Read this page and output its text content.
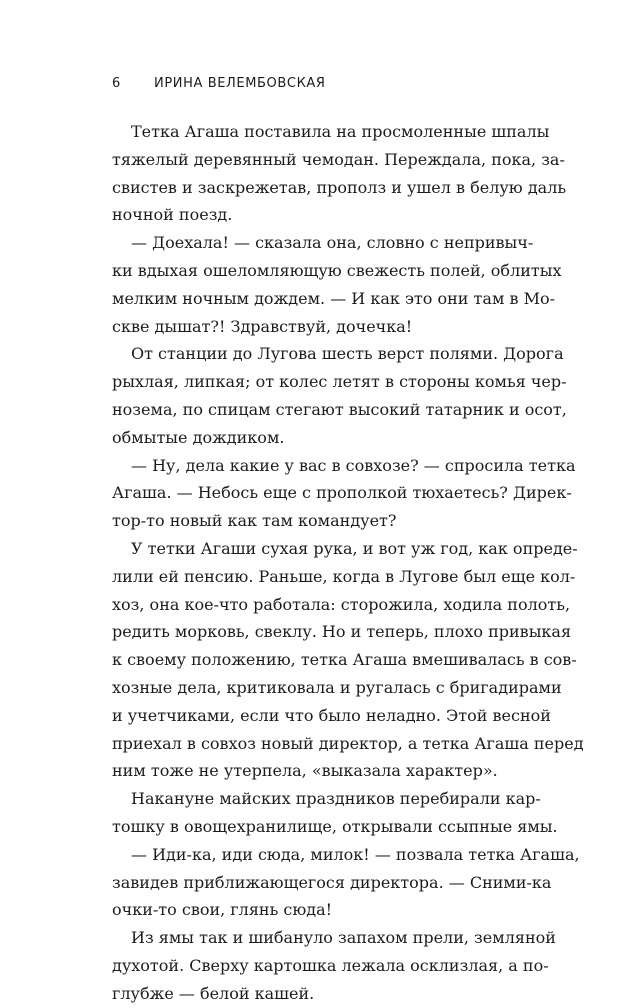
6	ИРИНА ВЕЛЕМБОВСКАЯ
Тетка Агаша поставила на просмоленные шпалы
тяжелый деревянный чемодан. Переждала, пока, за-
свистев и заскрежетав, прополз и ушел в белую даль
ночной поезд.
— Доехала! — сказала она, словно с непривыч-
ки вдыхая ошеломляющую свежесть полей, облитых
мелким ночным дождем. — И как это они там в Мо-
скве дышат?! Здравствуй, дочечка!
От станции до Лугова шесть верст полями. Дорога
рыхлая, липкая; от колес летят в стороны комья чер-
нозема, по спицам стегают высокий татарник и осот,
обмытые дождиком.
— Ну, дела какие у вас в совхозе? — спросила тетка
Агаша. — Небось еще с прополкой тюхаетесь? Дирек-
тор-то новый как там командует?
У тетки Агаши сухая рука, и вот уж год, как опреде-
лили ей пенсию. Раньше, когда в Лугове был еще кол-
хоз, она кое-что работала: сторожила, ходила полоть,
редить морковь, свеклу. Но и теперь, плохо привыкая
к своему положению, тетка Агаша вмешивалась в сов-
хозные дела, критиковала и ругалась с бригадирами
и учетчиками, если что было неладно. Этой весной
приехал в совхоз новый директор, а тетка Агаша перед
ним тоже не утерпела, «выказала характер».
Накануне майских праздников перебирали кар-
тошку в овощехранилище, открывали ссыпные ямы.
— Иди-ка, иди сюда, милок! — позвала тетка Агаша,
завидев приближающегося директора. — Сними-ка
очки-то свои, глянь сюда!
Из ямы так и шибануло запахом прели, земляной
духотой. Сверху картошка лежала осклизлая, а по-
глубже — белой кашей.
